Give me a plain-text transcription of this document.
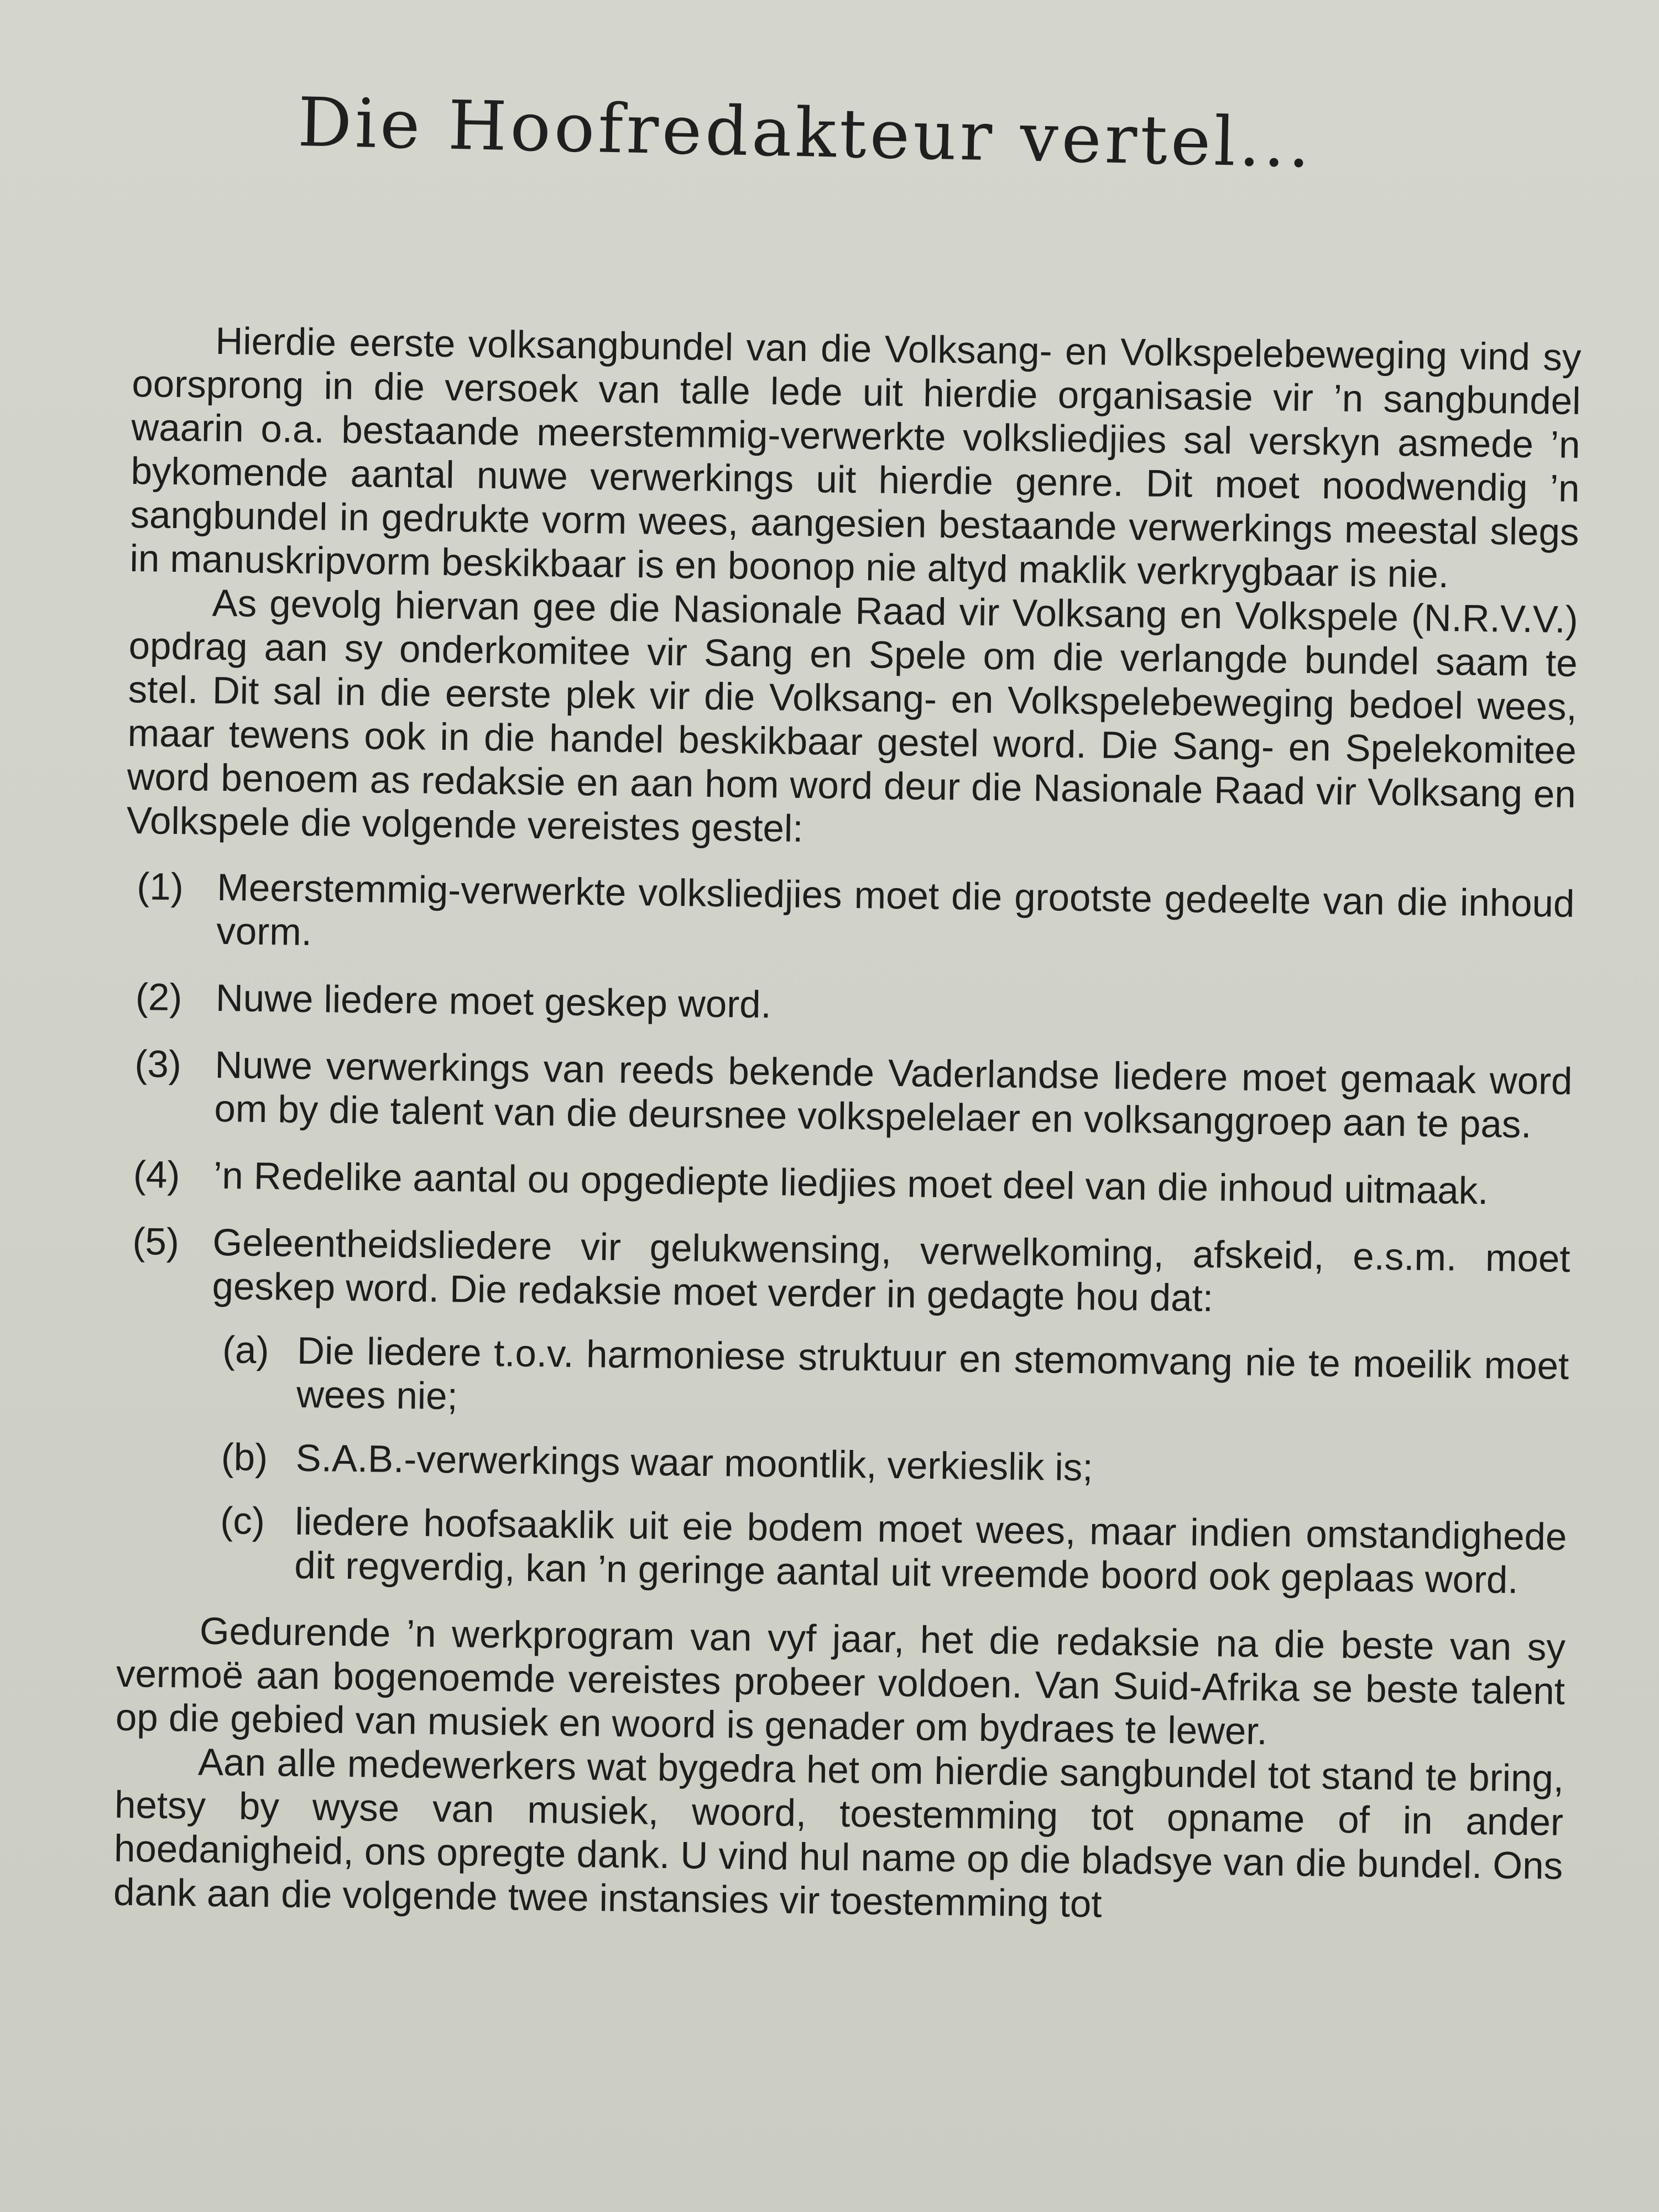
Die Hoofredakteur vertel...

Hierdie eerste volksangbundel van die Volksang- en Volkspelebeweging vind sy oorsprong in die versoek van talle lede uit hierdie organisasie vir ’n sangbundel waarin o.a. bestaande meerstemmig-verwerkte volksliedjies sal verskyn asmede ’n bykomende aantal nuwe verwerkings uit hierdie genre. Dit moet noodwendig ’n sangbundel in gedrukte vorm wees, aangesien bestaande verwerkings meestal slegs in manuskripvorm beskikbaar is en boonop nie altyd maklik verkrygbaar is nie.

As gevolg hiervan gee die Nasionale Raad vir Volksang en Volkspele (N.R.V.V.) opdrag aan sy onderkomitee vir Sang en Spele om die verlangde bundel saam te stel. Dit sal in die eerste plek vir die Volksang- en Volkspelebeweging bedoel wees, maar tewens ook in die handel beskikbaar gestel word. Die Sang- en Spelekomitee word benoem as redaksie en aan hom word deur die Nasionale Raad vir Volksang en Volkspele die volgende vereistes gestel:

(1) Meerstemmig-verwerkte volksliedjies moet die grootste gedeelte van die inhoud vorm.
(2) Nuwe liedere moet geskep word.
(3) Nuwe verwerkings van reeds bekende Vaderlandse liedere moet gemaak word om by die talent van die deursnee volkspelelaer en volksanggroep aan te pas.
(4) ’n Redelike aantal ou opgediepte liedjies moet deel van die inhoud uitmaak.
(5) Geleentheidsliedere vir gelukwensing, verwelkoming, afskeid, e.s.m. moet geskep word. Die redaksie moet verder in gedagte hou dat:
(a) Die liedere t.o.v. harmoniese struktuur en stemomvang nie te moeilik moet wees nie;
(b) S.A.B.-verwerkings waar moontlik, verkieslik is;
(c) liedere hoofsaaklik uit eie bodem moet wees, maar indien omstandighede dit regverdig, kan ’n geringe aantal uit vreemde boord ook geplaas word.

Gedurende ’n werkprogram van vyf jaar, het die redaksie na die beste van sy vermoë aan bogenoemde vereistes probeer voldoen. Van Suid-Afrika se beste talent op die gebied van musiek en woord is genader om bydraes te lewer.

Aan alle medewerkers wat bygedra het om hierdie sangbundel tot stand te bring, hetsy by wyse van musiek, woord, toestemming tot opname of in ander hoedanigheid, ons opregte dank. U vind hul name op die bladsye van die bundel. Ons dank aan die volgende twee instansies vir toestemming tot
